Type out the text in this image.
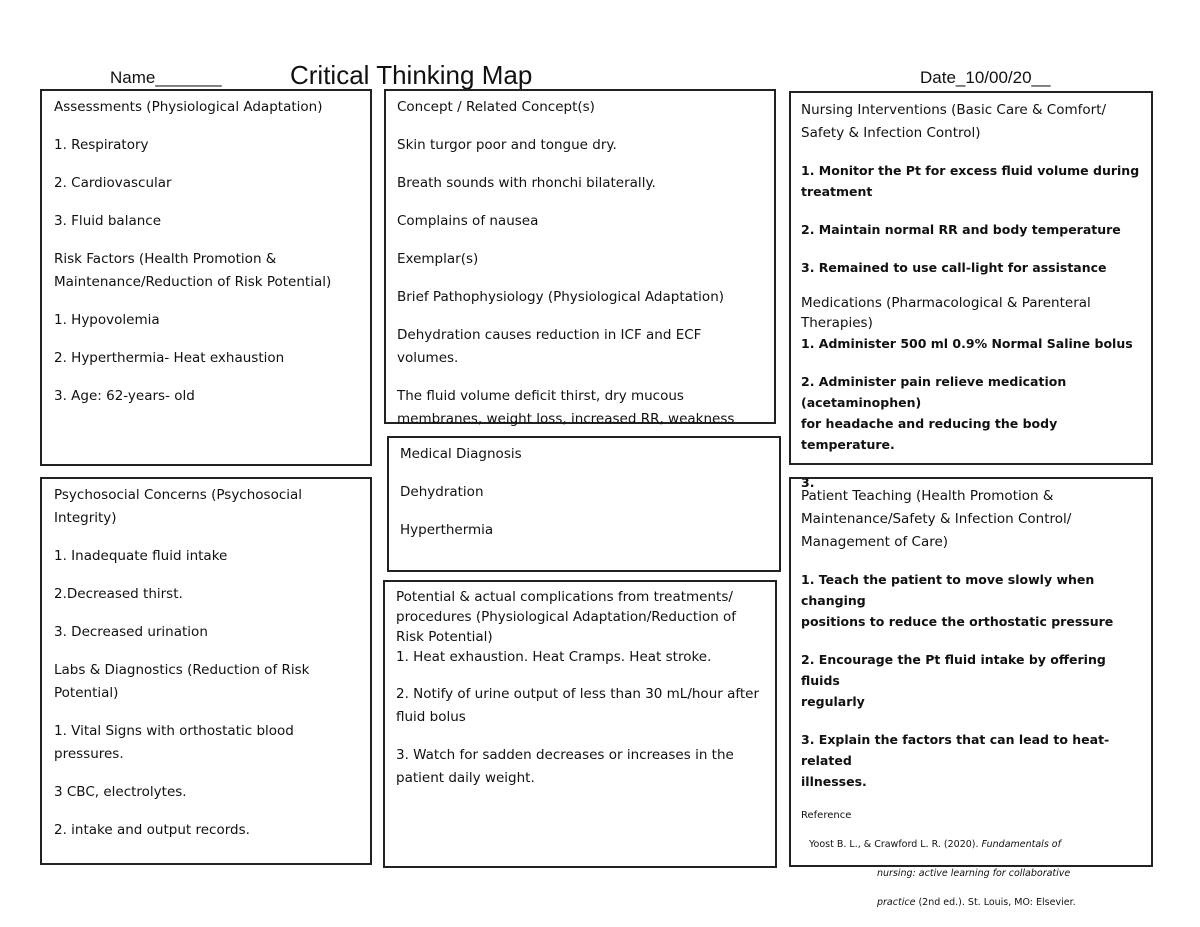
Name_______	Critical Thinking Map	Date_10/00/20__

Assessments (Physiological Adaptation)

1. Respiratory

2. Cardiovascular

3. Fluid balance

Risk Factors (Health Promotion &

Maintenance/Reduction of Risk Potential)

1. Hypovolemia

2. Hyperthermia- Heat exhaustion

3. Age: 62-years- old

Psychosocial Concerns (Psychosocial

Integrity)

1. Inadequate fluid intake

2.Decreased thirst.

3. Decreased urination

Labs & Diagnostics (Reduction of Risk

Potential)

1. Vital Signs with orthostatic blood

pressures.

3 CBC, electrolytes.

2. intake and output records.

Concept / Related Concept(s)

Skin turgor poor and tongue dry.

Breath sounds with rhonchi bilaterally.

Complains of nausea

Exemplar(s)

Brief Pathophysiology (Physiological Adaptation)

Dehydration causes reduction in ICF and ECF volumes.

The fluid volume deficit thirst, dry mucous

membranes, weight loss, increased RR, weakness

Medical Diagnosis

Dehydration

Hyperthermia

Potential & actual complications from treatments/

procedures (Physiological Adaptation/Reduction of

Risk Potential)

1. Heat exhaustion. Heat Cramps. Heat stroke.

2. Notify of urine output of less than 30 mL/hour after

fluid bolus

3. Watch for sadden decreases or increases in the

patient daily weight.

Nursing Interventions (Basic Care & Comfort/

Safety & Infection Control)

1. Monitor the Pt for excess fluid volume during

treatment

2. Maintain normal RR and body temperature

3. Remained to use call-light for assistance

Medications (Pharmacological & Parenteral

Therapies)

1. Administer 500 ml 0.9% Normal Saline bolus

2. Administer pain relieve medication (acetaminophen)

for headache and reducing the body temperature.

3.

Patient Teaching (Health Promotion &

Maintenance/Safety & Infection Control/

Management of Care)

1. Teach the patient to move slowly when changing

positions to reduce the orthostatic pressure

2. Encourage the Pt fluid intake by offering fluids

regularly

3. Explain the factors that can lead to heat-related

illnesses.

Reference

Yoost B. L., & Crawford L. R. (2020). Fundamentals of

nursing: active learning for collaborative

practice (2nd ed.). St. Louis, MO: Elsevier.
